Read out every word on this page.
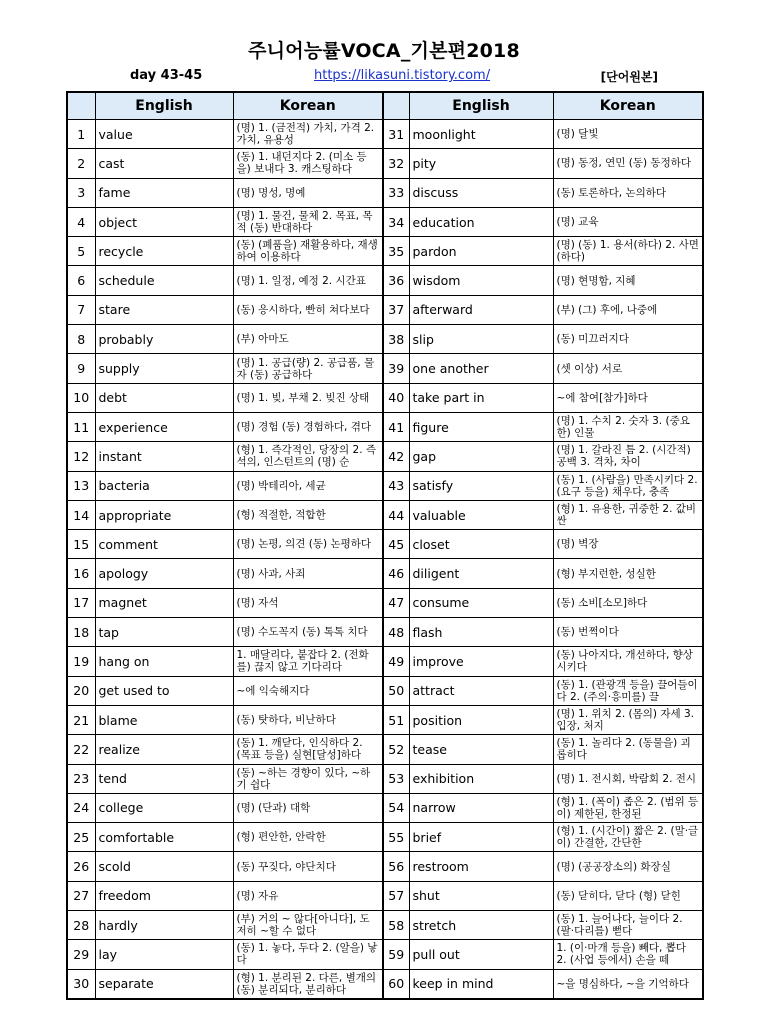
주니어능률VOCA_기본편2018
day 43-45	https://likasuni.tistory.com/	[단어원본]
	English	Korean		English	Korean
1	value	(명) 1. (금전적) 가치, 가격 2. 가치, 유용성	31	moonlight	(명) 달빛

2	cast	(동) 1. 내던지다 2. (미소 등을) 보내다 3. 캐스팅하다	32	pity	(명) 동정, 연민 (동) 동정하다

3	fame	(명) 명성, 명예	33	discuss	(동) 토론하다, 논의하다

4	object	(명) 1. 물건, 물체 2. 목표, 목적 (동) 반대하다	34	education	(명) 교육

5	recycle	(동) (폐품을) 재활용하다, 재생하여 이용하다	35	pardon	(명) (동) 1. 용서(하다) 2. 사면(하다)

6	schedule	(명) 1. 일정, 예정 2. 시간표	36	wisdom	(명) 현명함, 지혜

7	stare	(동) 응시하다, 빤히 쳐다보다	37	afterward	(부) (그) 후에, 나중에

8	probably	(부) 아마도	38	slip	(동) 미끄러지다

9	supply	(명) 1. 공급(량) 2. 공급품, 물자 (동) 공급하다	39	one another	(셋 이상) 서로

10	debt	(명) 1. 빚, 부채 2. 빚진 상태	40	take part in	~에 참여[참가]하다

11	experience	(명) 경험 (동) 경험하다, 겪다	41	figure	(명) 1. 수치 2. 숫자 3. (중요한) 인물

12	instant	(형) 1. 즉각적인, 당장의 2. 즉석의, 인스턴트의 (명) 순	42	gap	(명) 1. 갈라진 틈 2. (시간적) 공백 3. 격차, 차이

13	bacteria	(명) 박테리아, 세균	43	satisfy	(동) 1. (사람을) 만족시키다 2. (요구 등을) 채우다, 충족

14	appropriate	(형) 적절한, 적합한	44	valuable	(형) 1. 유용한, 귀중한 2. 값비싼

15	comment	(명) 논평, 의견 (동) 논평하다	45	closet	(명) 벽장

16	apology	(명) 사과, 사죄	46	diligent	(형) 부지런한, 성실한

17	magnet	(명) 자석	47	consume	(동) 소비[소모]하다

18	tap	(명) 수도꼭지 (동) 톡톡 치다	48	flash	(동) 번쩍이다

19	hang on	1. 매달리다, 붙잡다 2. (전화를) 끊지 않고 기다리다	49	improve	(동) 나아지다, 개선하다, 향상시키다

20	get used to	~에 익숙해지다	50	attract	(동) 1. (관광객 등을) 끌어들이다 2. (주의·흥미를) 끌

21	blame	(동) 탓하다, 비난하다	51	position	(명) 1. 위치 2. (몸의) 자세 3. 입장, 처지

22	realize	(동) 1. 깨닫다, 인식하다 2. (목표 등을) 실현[달성]하다	52	tease	(동) 1. 놀리다 2. (동물을) 괴롭히다

23	tend	(동) ~하는 경향이 있다, ~하기 쉽다	53	exhibition	(명) 1. 전시회, 박람회 2. 전시

24	college	(명) (단과) 대학	54	narrow	(형) 1. (폭이) 좁은 2. (범위 등이) 제한된, 한정된

25	comfortable	(형) 편안한, 안락한	55	brief	(형) 1. (시간이) 짧은 2. (말·글이) 간결한, 간단한

26	scold	(동) 꾸짖다, 야단치다	56	restroom	(명) (공공장소의) 화장실

27	freedom	(명) 자유	57	shut	(동) 닫히다, 닫다 (형) 닫힌

28	hardly	(부) 거의 ~ 않다[아니다], 도저히 ~할 수 없다	58	stretch	(동) 1. 늘어나다, 늘이다 2. (팔·다리를) 뻗다

29	lay	(동) 1. 놓다, 두다 2. (알을) 낳다	59	pull out	1. (이·마개 등을) 빼다, 뽑다 2. (사업 등에서) 손을 떼

30	separate	(형) 1. 분리된 2. 다른, 별개의 (동) 분리되다, 분리하다	60	keep in mind	~을 명심하다, ~을 기억하다
